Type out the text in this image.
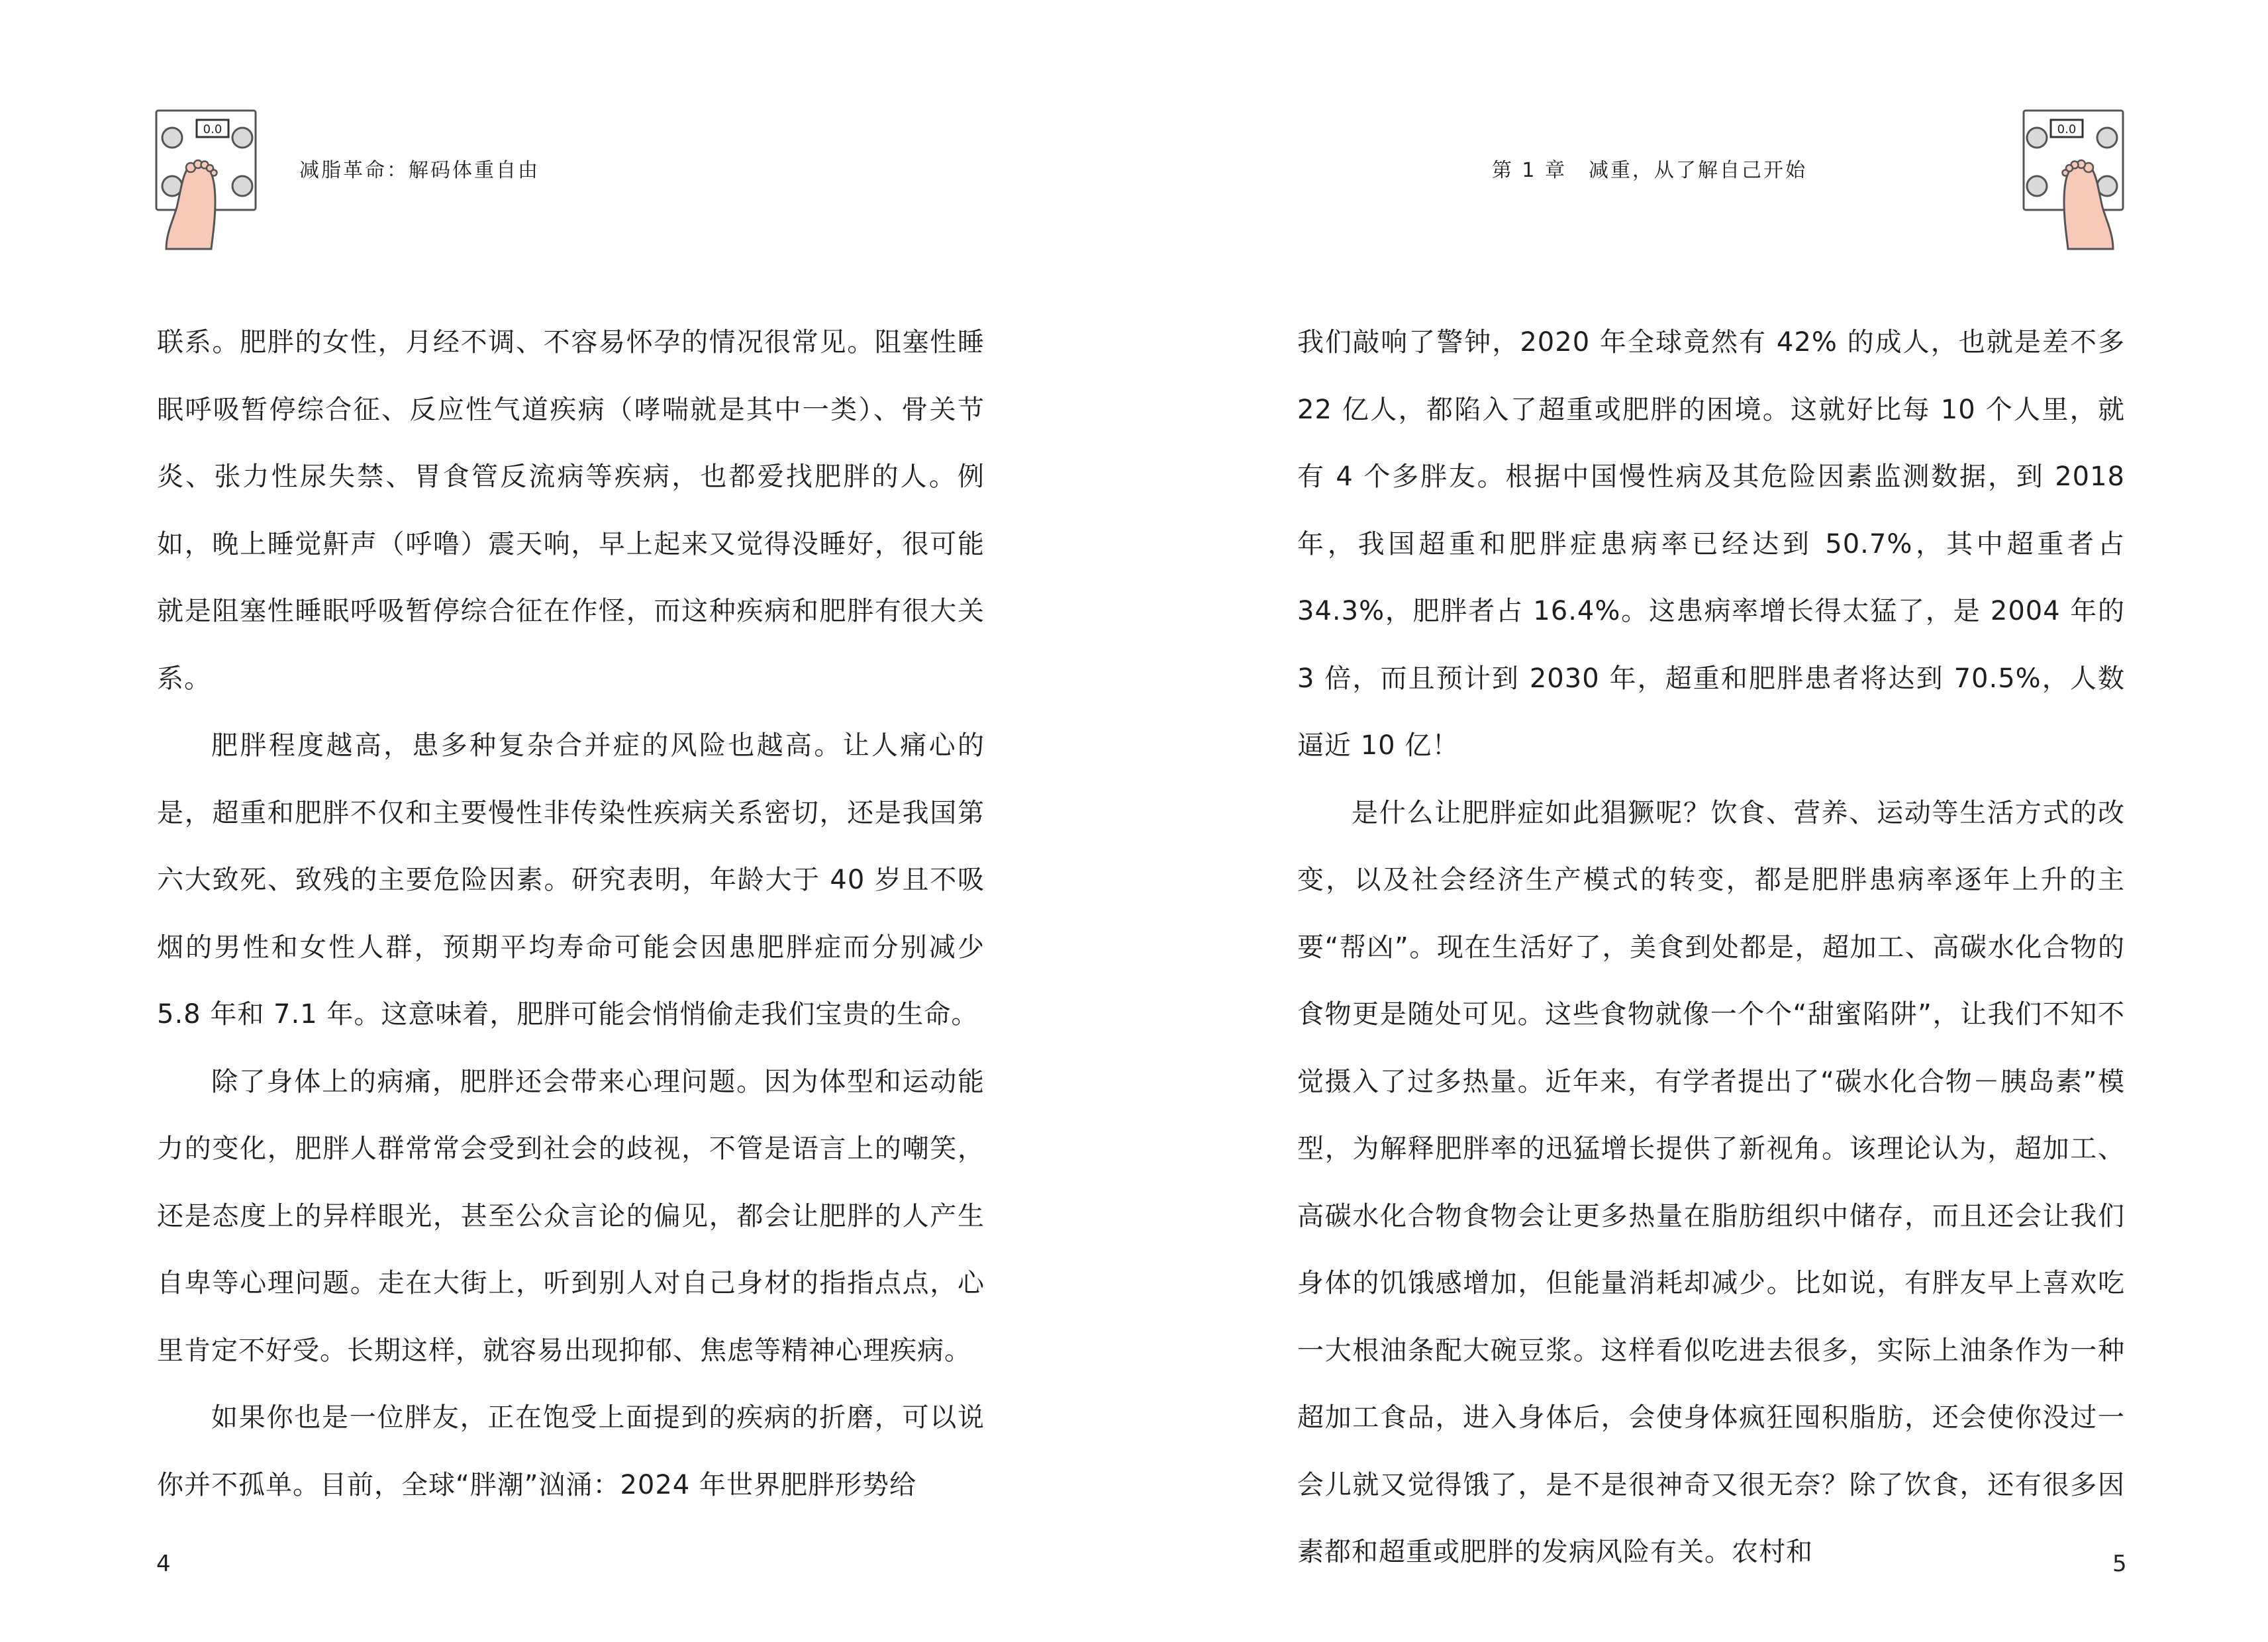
0.0
减脂革命：解码体重自由

联系。肥胖的女性，月经不调、不容易怀孕的情况很常见。阻塞性睡眠呼吸暂停综合征、反应性气道疾病（哮喘就是其中一类）、骨关节炎、张力性尿失禁、胃食管反流病等疾病，也都爱找肥胖的人。例如，晚上睡觉鼾声（呼噜）震天响，早上起来又觉得没睡好，很可能就是阻塞性睡眠呼吸暂停综合征在作怪，而这种疾病和肥胖有很大关系。

肥胖程度越高，患多种复杂合并症的风险也越高。让人痛心的是，超重和肥胖不仅和主要慢性非传染性疾病关系密切，还是我国第六大致死、致残的主要危险因素。研究表明，年龄大于 40 岁且不吸烟的男性和女性人群，预期平均寿命可能会因患肥胖症而分别减少 5.8 年和 7.1 年。这意味着，肥胖可能会悄悄偷走我们宝贵的生命。

除了身体上的病痛，肥胖还会带来心理问题。因为体型和运动能力的变化，肥胖人群常常会受到社会的歧视，不管是语言上的嘲笑，还是态度上的异样眼光，甚至公众言论的偏见，都会让肥胖的人产生自卑等心理问题。走在大街上，听到别人对自己身材的指指点点，心里肯定不好受。长期这样，就容易出现抑郁、焦虑等精神心理疾病。

如果你也是一位胖友，正在饱受上面提到的疾病的折磨，可以说你并不孤单。目前，全球“胖潮”汹涌：2024 年世界肥胖形势给

4
第 1 章　减重，从了解自己开始
0.0

我们敲响了警钟，2020 年全球竟然有 42% 的成人，也就是差不多 22 亿人，都陷入了超重或肥胖的困境。这就好比每 10 个人里，就有 4 个多胖友。根据中国慢性病及其危险因素监测数据，到 2018 年，我国超重和肥胖症患病率已经达到 50.7%，其中超重者占 34.3%，肥胖者占 16.4%。这患病率增长得太猛了，是 2004 年的 3 倍，而且预计到 2030 年，超重和肥胖患者将达到 70.5%，人数逼近 10 亿！

是什么让肥胖症如此猖獗呢？饮食、营养、运动等生活方式的改变，以及社会经济生产模式的转变，都是肥胖患病率逐年上升的主要“帮凶”。现在生活好了，美食到处都是，超加工、高碳水化合物的食物更是随处可见。这些食物就像一个个“甜蜜陷阱”，让我们不知不觉摄入了过多热量。近年来，有学者提出了“碳水化合物－胰岛素”模型，为解释肥胖率的迅猛增长提供了新视角。该理论认为，超加工、高碳水化合物食物会让更多热量在脂肪组织中储存，而且还会让我们身体的饥饿感增加，但能量消耗却减少。比如说，有胖友早上喜欢吃一大根油条配大碗豆浆。这样看似吃进去很多，实际上油条作为一种超加工食品，进入身体后，会使身体疯狂囤积脂肪，还会使你没过一会儿就又觉得饿了，是不是很神奇又很无奈？除了饮食，还有很多因素都和超重或肥胖的发病风险有关。农村和	5
